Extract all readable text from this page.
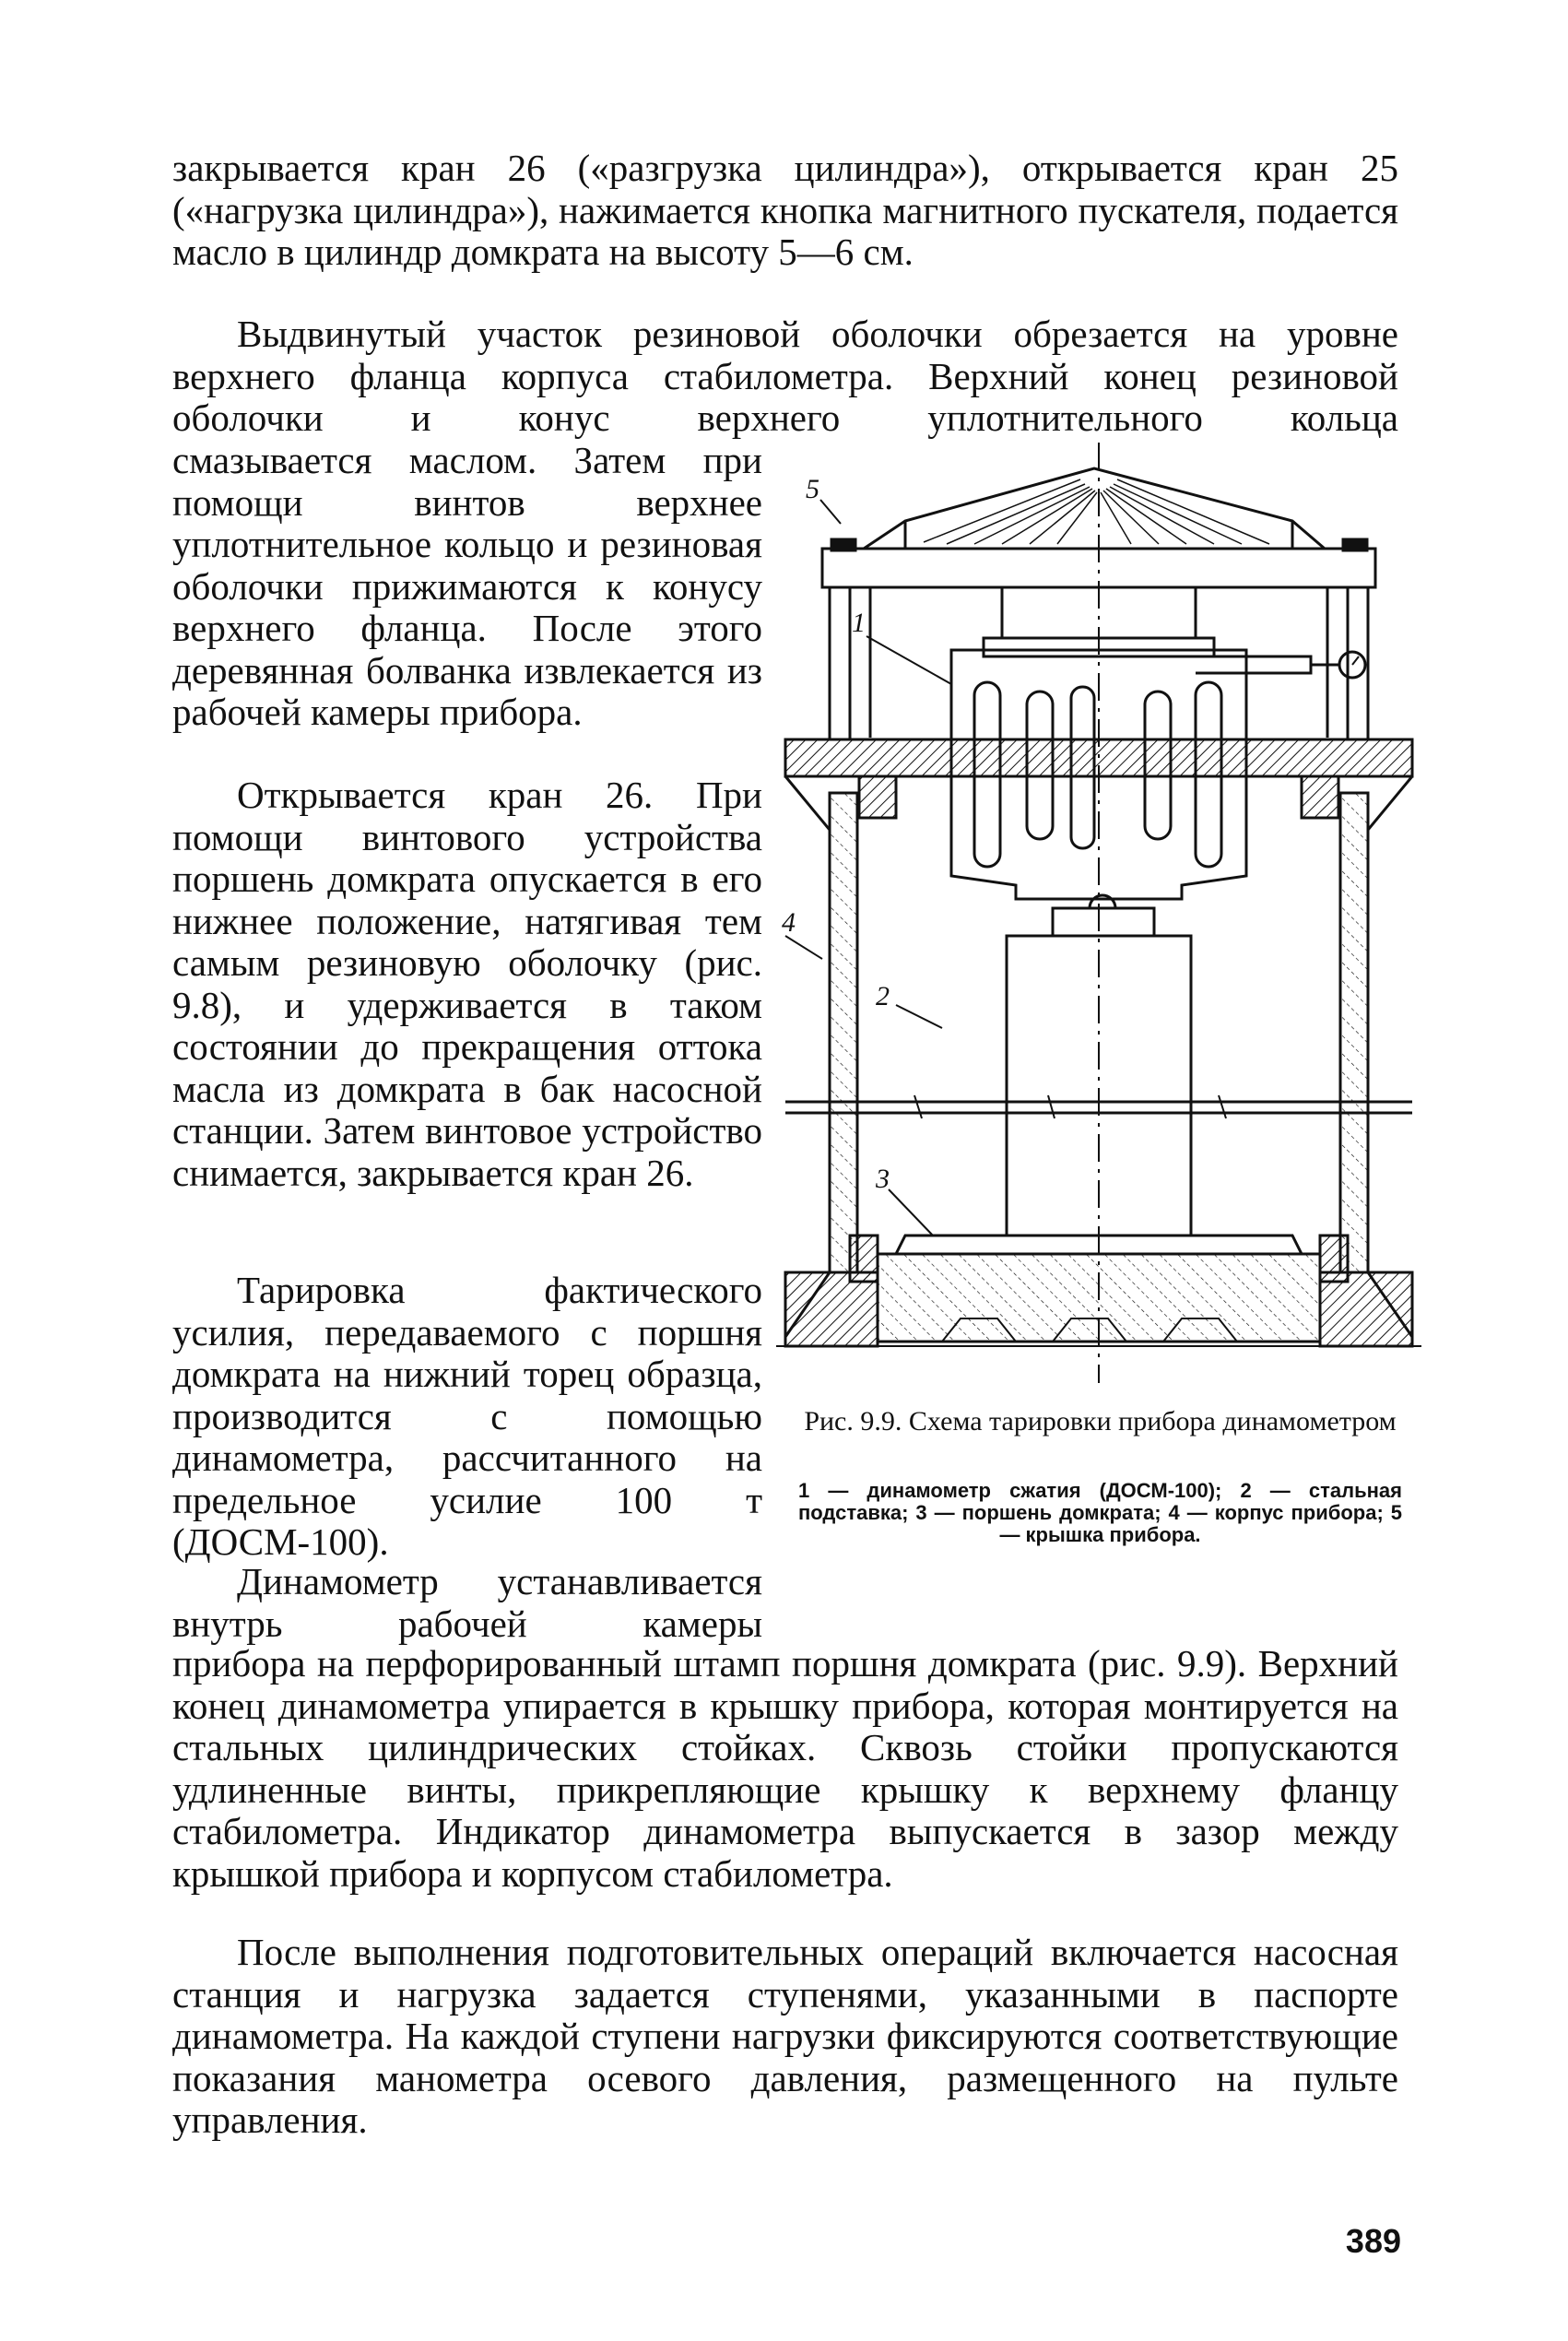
закрывается кран 26 («разгрузка цилиндра»), открывается кран 25 («нагрузка цилиндра»), нажимается кнопка магнитного пускателя, подается масло в цилиндр домкрата на высоту 5—6 см.

Выдвинутый участок резиновой оболочки обрезается на уровне верхнего фланца корпуса стабилометра. Верхний конец резиновой оболочки и конус верхнего уплотнительного кольца

смазывается маслом. Затем при помощи винтов верхнее уплотнительное кольцо и резиновая оболочки прижимаются к конусу верхнего фланца. После этого деревянная болванка извлекается из рабочей камеры прибора.

Открывается кран 26. При помощи винтового устройства поршень домкрата опускается в его нижнее положение, натягивая тем самым резиновую оболочку (рис. 9.8), и удерживается в таком состоянии до прекращения оттока масла из домкрата в бак насосной станции. Затем винтовое устройство снимается, закрывается кран 26.

Тарировка фактического усилия, передаваемого с поршня домкрата на нижний торец образца, производится с помощью динамометра, рассчитанного на предельное усилие 100 т (ДОСМ-100).

Динамометр устанавливается внутрь рабочей камеры

прибора на перфорированный штамп поршня домкрата (рис. 9.9). Верхний конец динамометра упирается в крышку прибора, которая монтируется на стальных цилиндрических стойках. Сквозь стойки пропускаются удлиненные винты, прикрепляющие крышку к верхнему фланцу стабилометра. Индикатор динамометра выпускается в зазор между крышкой прибора и корпусом стабилометра.

После выполнения подготовительных операций включается насосная станция и нагрузка задается ступенями, указанными в паспорте динамометра. На каждой ступени нагрузки фиксируются соответствующие показания манометра осевого давления, размещенного на пульте управления.

5
1
2
3
4
Рис. 9.9. Схема тарировки прибора динамометром
1 — динамометр сжатия (ДОСМ-100); 2 — стальная подставка; 3 — поршень домкрата; 4 — корпус прибора; 5 — крышка прибора.
389
